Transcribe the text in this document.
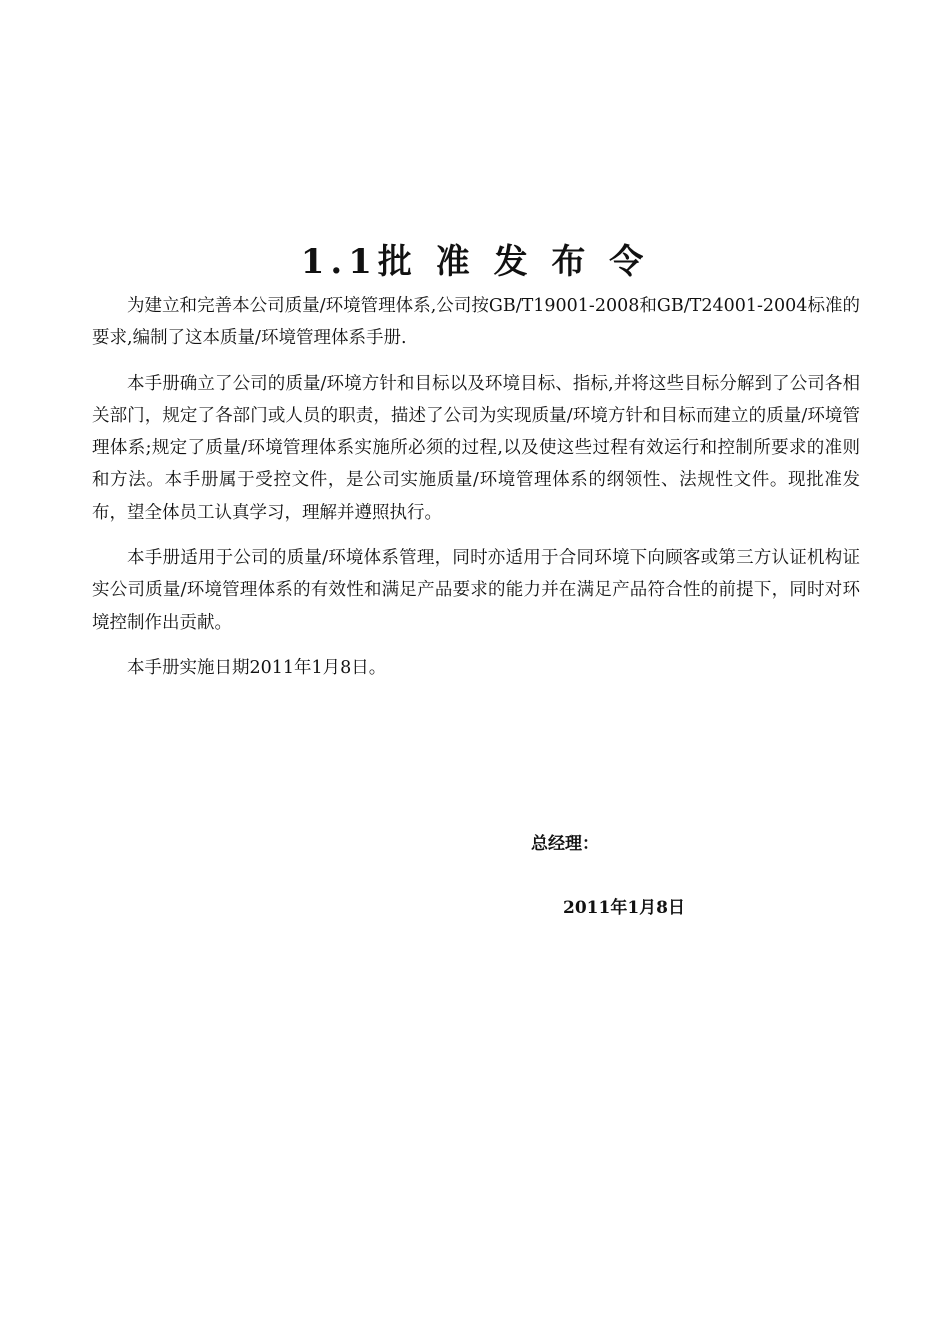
1.1批 准 发 布 令

为建立和完善本公司质量/环境管理体系,公司按GB/T19001-2008和GB/T24001-2004标准的要求,编制了这本质量/环境管理体系手册.

本手册确立了公司的质量/环境方针和目标以及环境目标、指标,并将这些目标分解到了公司各相关部门，规定了各部门或人员的职责，描述了公司为实现质量/环境方针和目标而建立的质量/环境管理体系;规定了质量/环境管理体系实施所必须的过程,以及使这些过程有效运行和控制所要求的准则和方法。本手册属于受控文件，是公司实施质量/环境管理体系的纲领性、法规性文件。现批准发布，望全体员工认真学习，理解并遵照执行。

本手册适用于公司的质量/环境体系管理，同时亦适用于合同环境下向顾客或第三方认证机构证实公司质量/环境管理体系的有效性和满足产品要求的能力并在满足产品符合性的前提下，同时对环境控制作出贡献。

本手册实施日期2011年1月8日。

总经理：
2011年1月8日
